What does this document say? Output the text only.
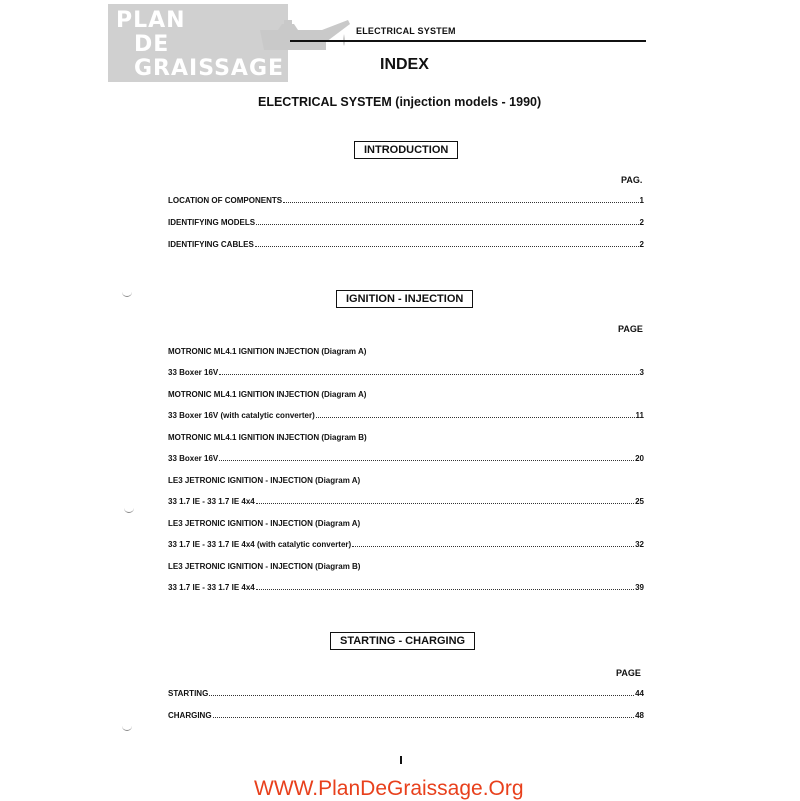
PLAN
DE
GRAISSAGE
ELECTRICAL SYSTEM
INDEX
ELECTRICAL SYSTEM (injection models - 1990)
INTRODUCTION
PAG.
LOCATION OF COMPONENTS	1
IDENTIFYING MODELS	2
IDENTIFYING CABLES	2
IGNITION - INJECTION
PAGE
MOTRONIC ML4.1 IGNITION INJECTION (Diagram A)
33 Boxer 16V	3
MOTRONIC ML4.1 IGNITION INJECTION (Diagram A)
33 Boxer 16V (with catalytic converter)	11
MOTRONIC ML4.1 IGNITION INJECTION (Diagram B)
33 Boxer 16V	20
LE3 JETRONIC IGNITION - INJECTION (Diagram A)
33 1.7 IE - 33 1.7 IE 4x4	25
LE3 JETRONIC IGNITION - INJECTION (Diagram A)
33 1.7 IE - 33 1.7 IE 4x4 (with catalytic converter)	32
LE3 JETRONIC IGNITION - INJECTION (Diagram B)
33 1.7 IE - 33 1.7 IE 4x4	39
STARTING - CHARGING
PAGE
STARTING	44
CHARGING	48
WWW.PlanDeGraissage.Org
